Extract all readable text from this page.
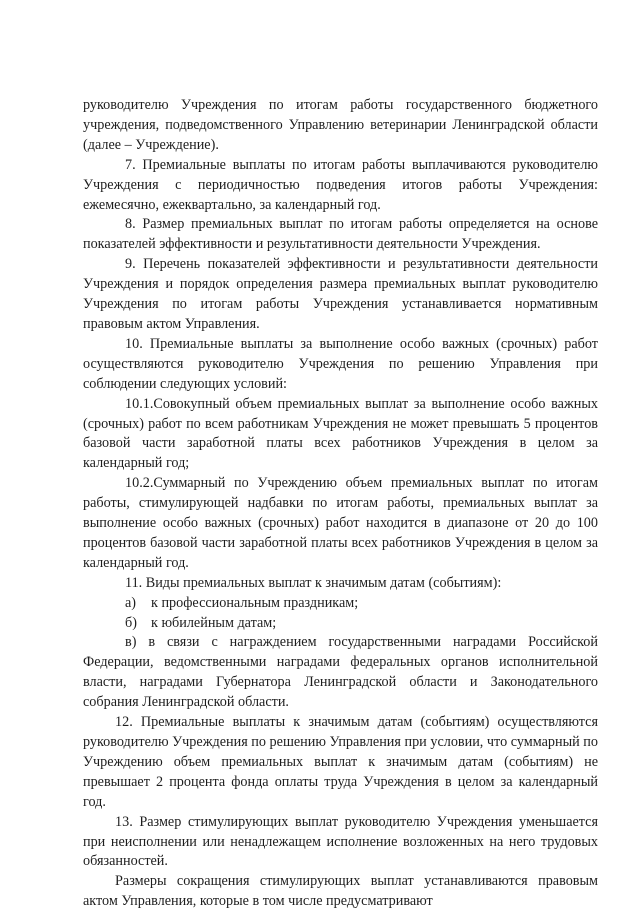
руководителю Учреждения по итогам работы государственного бюджетного учреждения, подведомственного Управлению ветеринарии Ленинградской области (далее – Учреждение).

7. Премиальные выплаты по итогам работы выплачиваются руководителю Учреждения с периодичностью подведения итогов работы Учреждения: ежемесячно, ежеквартально, за календарный год.

8. Размер премиальных выплат по итогам работы определяется на основе показателей эффективности и результативности деятельности Учреждения.

9. Перечень показателей эффективности и результативности деятельности Учреждения и порядок определения размера премиальных выплат руководителю Учреждения по итогам работы Учреждения устанавливается нормативным правовым актом Управления.

10. Премиальные выплаты за выполнение особо важных (срочных) работ осуществляются руководителю Учреждения по решению Управления при соблюдении следующих условий:

10.1.Совокупный объем премиальных выплат за выполнение особо важных (срочных) работ по всем работникам Учреждения не может превышать 5 процентов базовой части заработной платы всех работников Учреждения в целом за календарный год;

10.2.Суммарный по Учреждению объем премиальных выплат по итогам работы, стимулирующей надбавки по итогам работы, премиальных выплат за выполнение особо важных (срочных) работ находится в диапазоне от 20 до 100 процентов базовой части заработной платы всех работников Учреждения в целом за календарный год.

11. Виды премиальных выплат к значимым датам (событиям):

а) к профессиональным праздникам;

б) к юбилейным датам;

в) в связи с награждением государственными наградами Российской Федерации, ведомственными наградами федеральных органов исполнительной власти, наградами Губернатора Ленинградской области и Законодательного собрания Ленинградской области.

12. Премиальные выплаты к значимым датам (событиям) осуществляются руководителю Учреждения по решению Управления при условии, что суммарный по Учреждению объем премиальных выплат к значимым датам (событиям) не превышает 2 процента фонда оплаты труда Учреждения в целом за календарный год.

13. Размер стимулирующих выплат руководителю Учреждения уменьшается при неисполнении или ненадлежащем исполнение возложенных на него трудовых обязанностей.

Размеры сокращения стимулирующих выплат устанавливаются правовым актом Управления, которые в том числе предусматривают
